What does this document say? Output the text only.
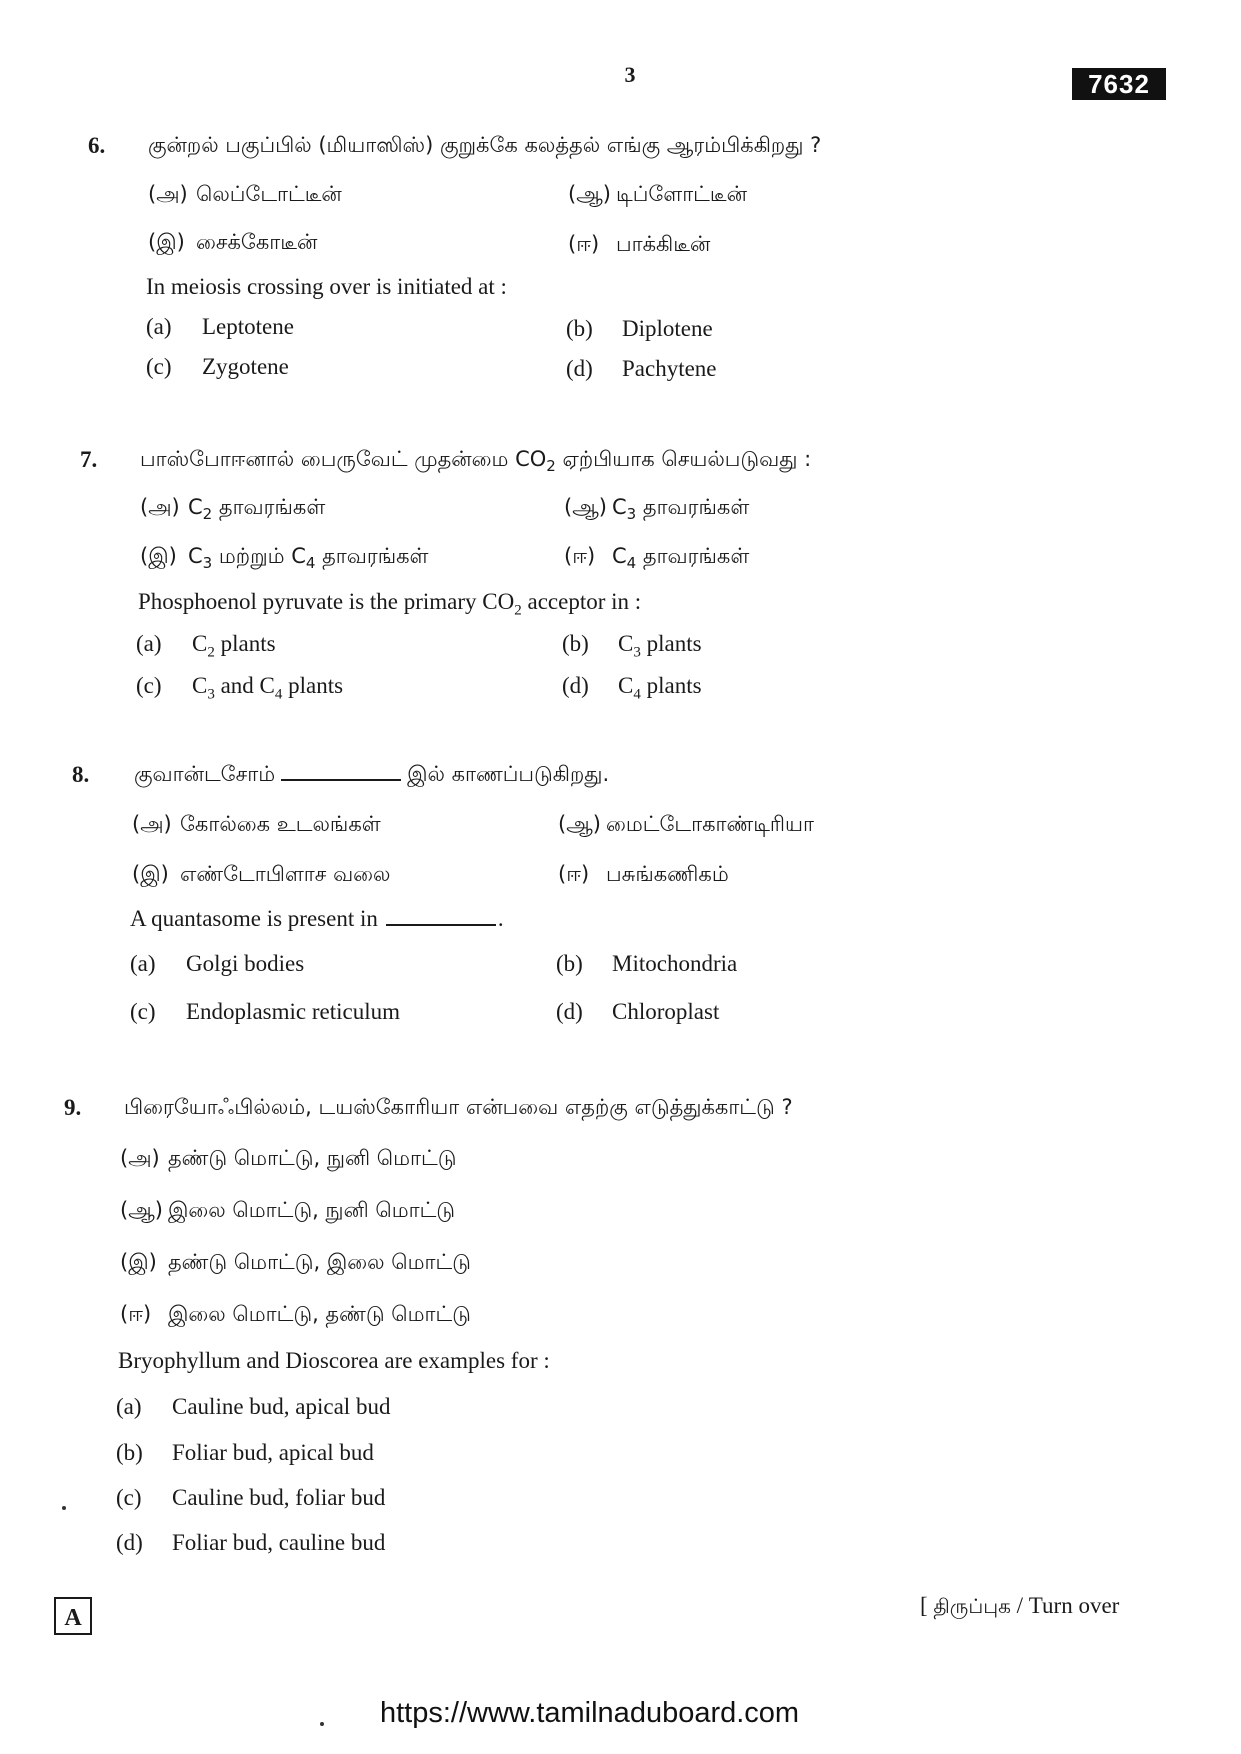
3	7632
6. குன்றல் பகுப்பில் (மியாஸிஸ்) குறுக்கே கலத்தல் எங்கு ஆரம்பிக்கிறது ?
(அ) லெப்டோட்டீன்	(ஆ) டிப்ளோட்டீன்
(இ) சைக்கோடீன்	(ஈ) பாக்கிடீன்
In meiosis crossing over is initiated at :
(a) Leptotene	(b) Diplotene
(c) Zygotene	(d) Pachytene
7. பாஸ்போஈனால் பைருவேட் முதன்மை $CO_2$ ஏற்பியாக செயல்படுவது :
(அ) $C_2$ தாவரங்கள்	(ஆ) $C_3$ தாவரங்கள்
(இ) $C_3$ மற்றும் $C_4$ தாவரங்கள்	(ஈ) $C_4$ தாவரங்கள்
Phosphoenol pyruvate is the primary $CO_2$ acceptor in :
(a) $C_2$ plants	(b) $C_3$ plants
(c) $C_3$ and $C_4$ plants	(d) $C_4$ plants
8. குவான்டசோம்	இல் காணப்படுகிறது.
(அ) கோல்கை உடலங்கள்	(ஆ) மைட்டோகாண்டிரியா
(இ) எண்டோபிளாச வலை	(ஈ) பசுங்கணிகம்
A quantasome is present in	.
(a) Golgi bodies	(b) Mitochondria
(c) Endoplasmic reticulum	(d) Chloroplast
9. பிரையோஃபில்லம், டயஸ்கோரியா என்பவை எதற்கு எடுத்துக்காட்டு ?
(அ) தண்டு மொட்டு, நுனி மொட்டு
(ஆ) இலை மொட்டு, நுனி மொட்டு
(இ) தண்டு மொட்டு, இலை மொட்டு
(ஈ) இலை மொட்டு, தண்டு மொட்டு
Bryophyllum and Dioscorea are examples for :
(a) Cauline bud, apical bud
(b) Foliar bud, apical bud
(c) Cauline bud, foliar bud
(d) Foliar bud, cauline bud
A	[ திருப்புக / Turn over
https://www.tamilnaduboard.com
